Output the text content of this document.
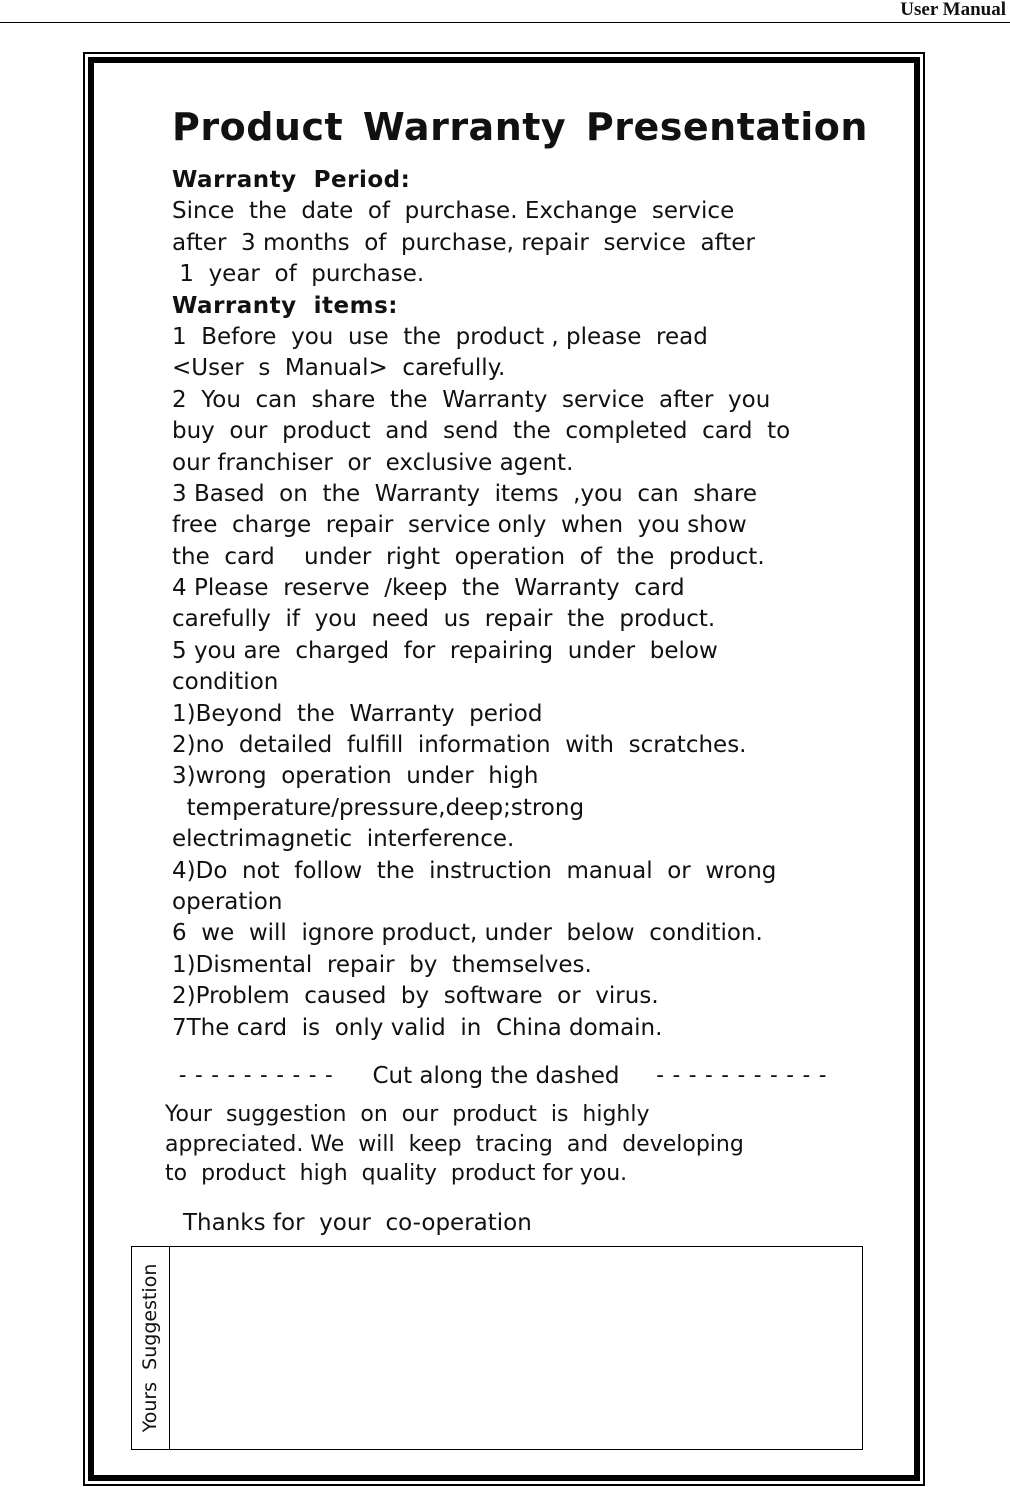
User Manual
Product Warranty Presentation
Warranty  Period:
Since  the  date  of  purchase. Exchange  service
after  3 months  of  purchase, repair  service  after
1  year  of  purchase.
Warranty  items:
1  Before  you  use  the  product , please  read
<User  s  Manual>  carefully.
2  You  can  share  the  Warranty  service  after  you
buy  our  product  and  send  the  completed  card  to
our franchiser  or  exclusive agent.
3 Based  on  the  Warranty  items  ,you  can  share
free  charge  repair  service only  when  you show
the  card    under  right  operation  of  the  product.
4 Please  reserve  /keep  the  Warranty  card
carefully  if  you  need  us  repair  the  product.
5 you are  charged  for  repairing  under  below
condition
1)Beyond  the  Warranty  period
2)no  detailed  fulfill  information  with  scratches.
3)wrong  operation  under  high
temperature/pressure,deep;strong
electrimagnetic  interference.
4)Do  not  follow  the  instruction  manual  or  wrong
operation
6  we  will  ignore product, under  below  condition.
1)Dismental  repair  by  themselves.
2)Problem  caused  by  software  or  virus.
7The card  is  only valid  in  China domain.
---------- Cut along the dashed -----------
Your  suggestion  on  our  product  is  highly
appreciated. We  will  keep  tracing  and  developing
to  product  high  quality  product for you.
Thanks for  your  co-operation
Yours  Suggestion
